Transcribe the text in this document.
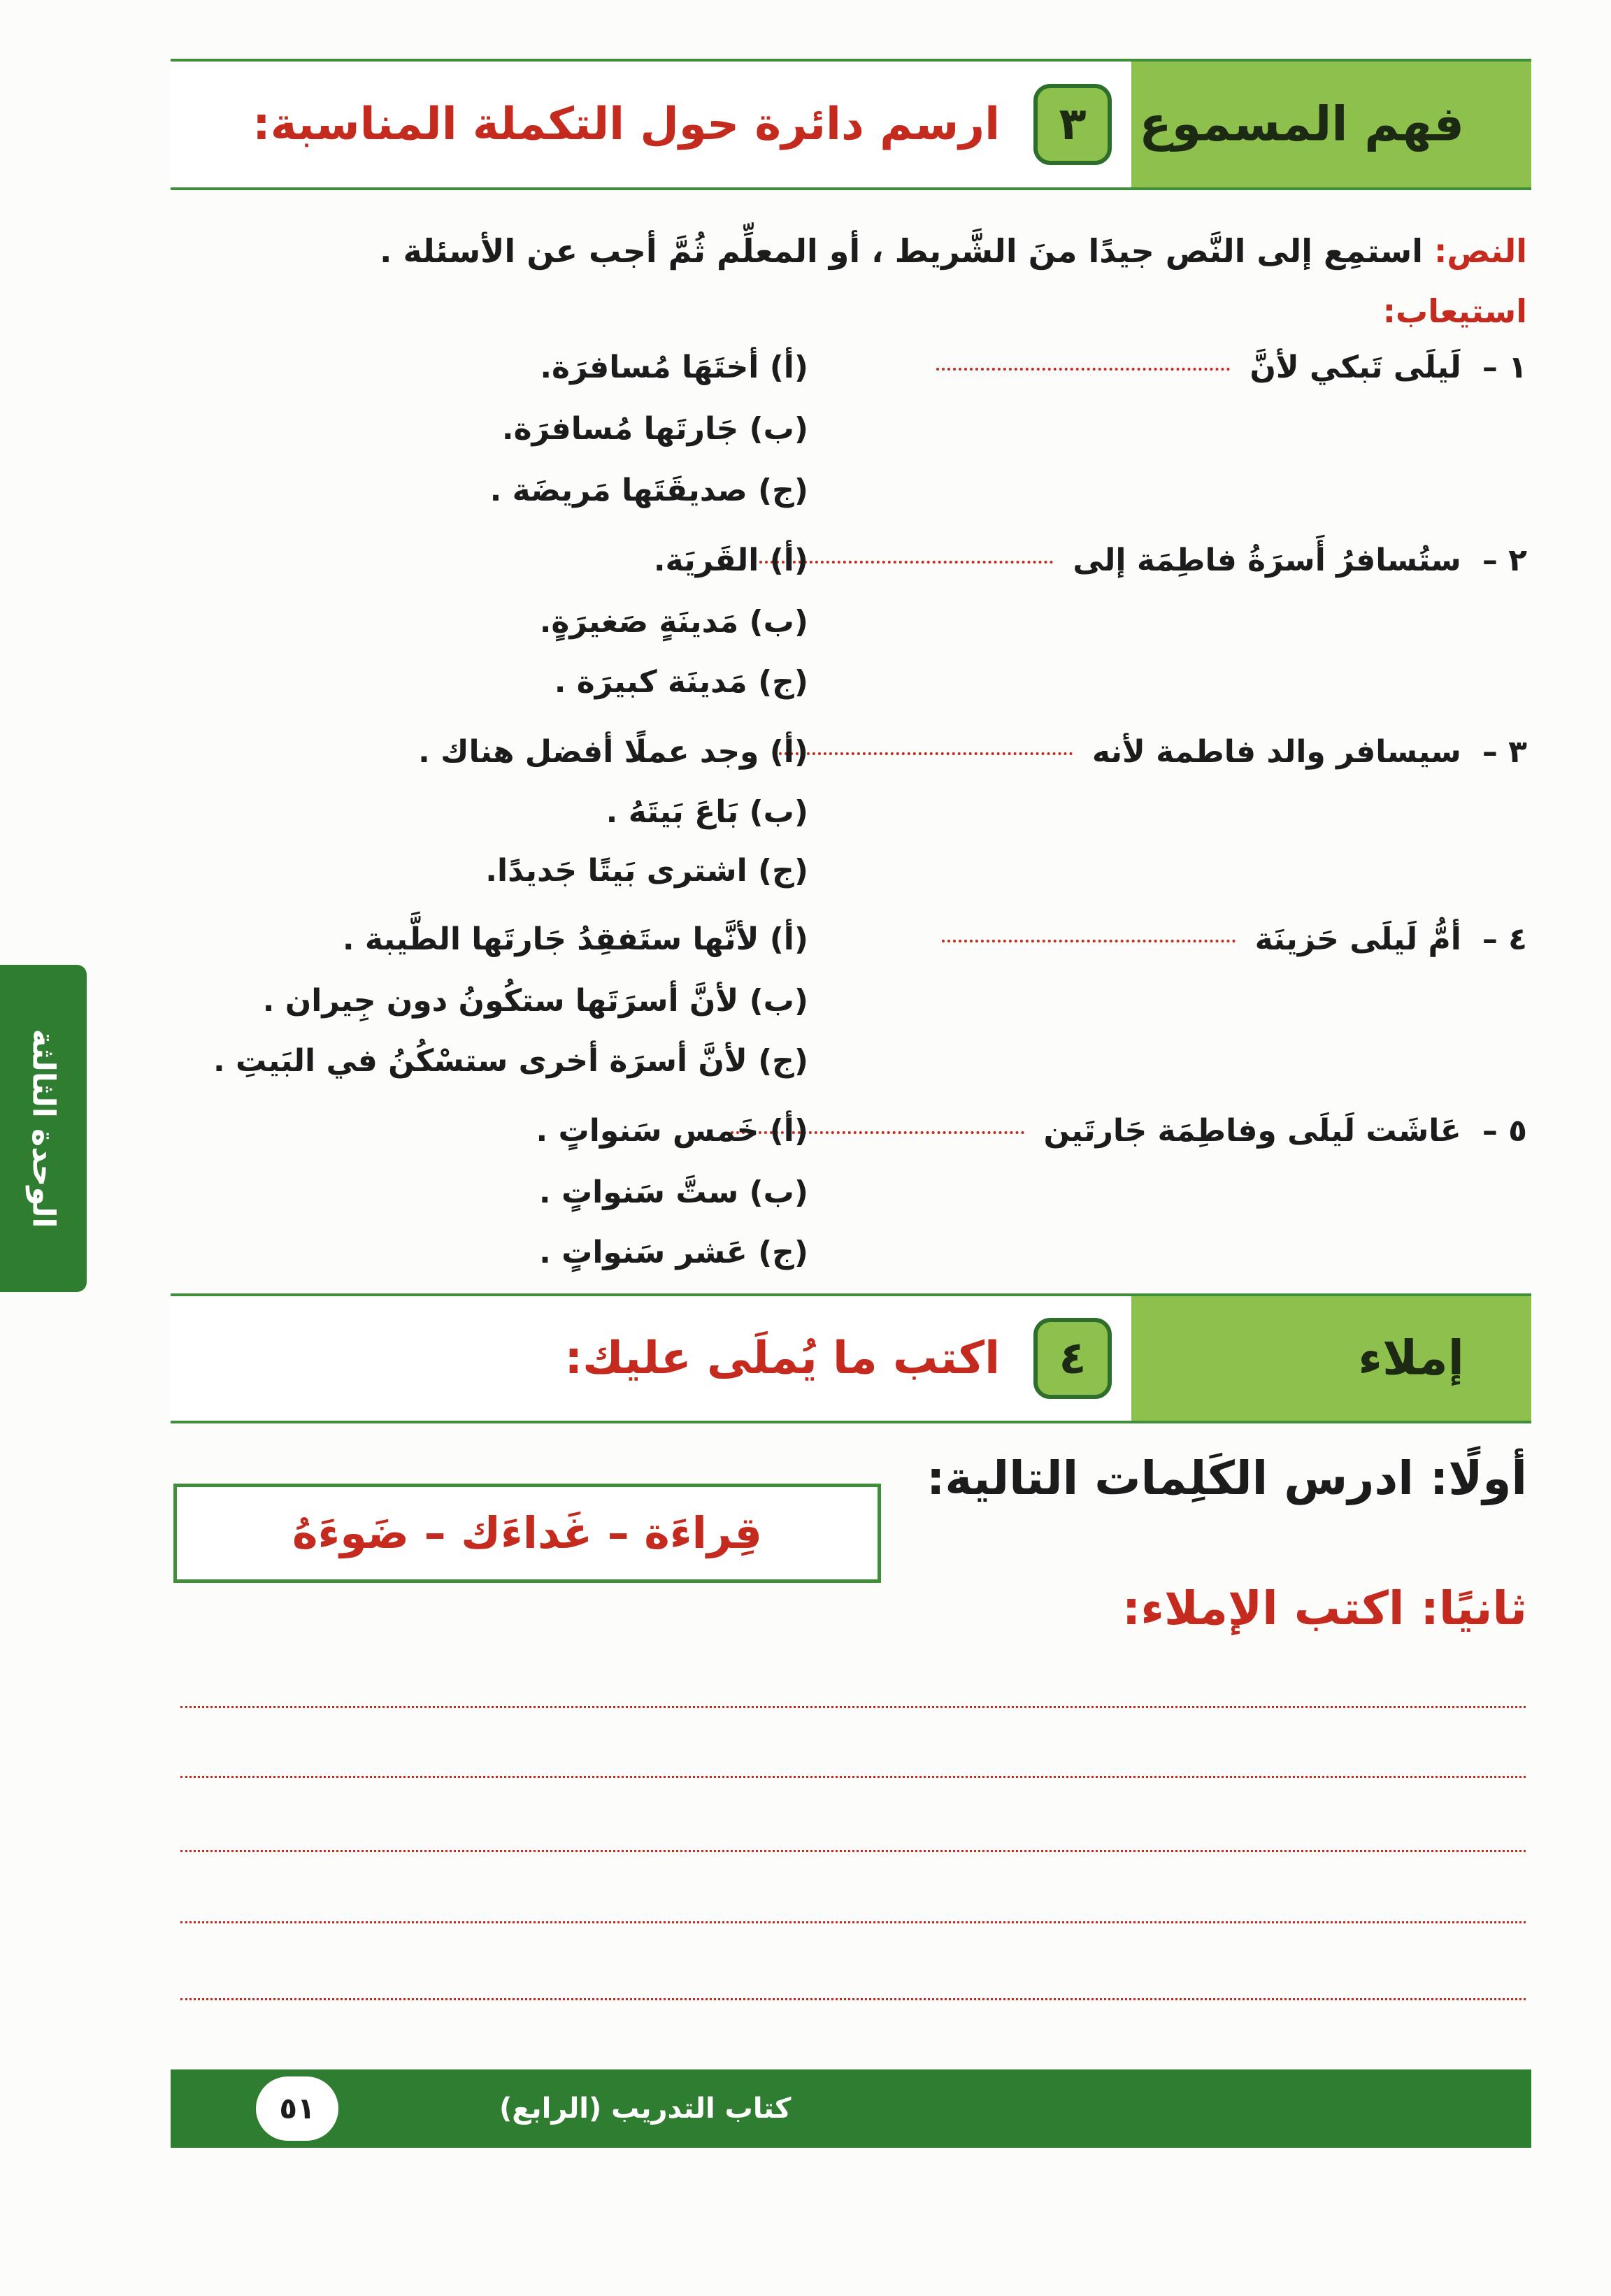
فهم المسموع
٣
ارسم دائرة حول التكملة المناسبة:
النص: استمِع إلى النَّص جيدًا منَ الشَّريط ، أو المعلِّم ثُمَّ أجب عن الأسئلة .
استيعاب:
١ –لَيلَى تَبكي لأنَّ
(أ) أختَهَا مُسافرَة.
(ب) جَارتَها مُسافرَة.
(ج) صديقَتَها مَريضَة .
٢ –ستُسافرُ أَسرَةُ فاطِمَة إلى
(أ) القَريَة.
(ب) مَدينَةٍ صَغيرَةٍ.
(ج) مَدينَة كبيرَة .
٣ –سيسافر والد فاطمة لأنه
(أ) وجد عملًا أفضل هناك .
(ب) بَاعَ بَيتَهُ .
(ج) اشترى بَيتًا جَديدًا.
٤ –أمُّ لَيلَى حَزينَة
(أ) لأنَّها ستَفقِدُ جَارتَها الطَّيبة .
(ب) لأنَّ أسرَتَها ستكُونُ دون جِيران .
(ج) لأنَّ أسرَة أخرى ستسْكُنُ في البَيتِ .
٥ –عَاشَت لَيلَى وفاطِمَة جَارتَين
(أ) خَمس سَنواتٍ .
(ب) ستَّ سَنواتٍ .
(ج) عَشر سَنواتٍ .
إملاء
٤
اكتب ما يُملَى عليك:
أولًا: ادرس الكَلِمات التالية:
قِراءَة – غَداءَك – ضَوءَهُ
ثانيًا: اكتب الإملاء:
الوحدة الثالثة
كتاب التدريب (الرابع)
٥١
